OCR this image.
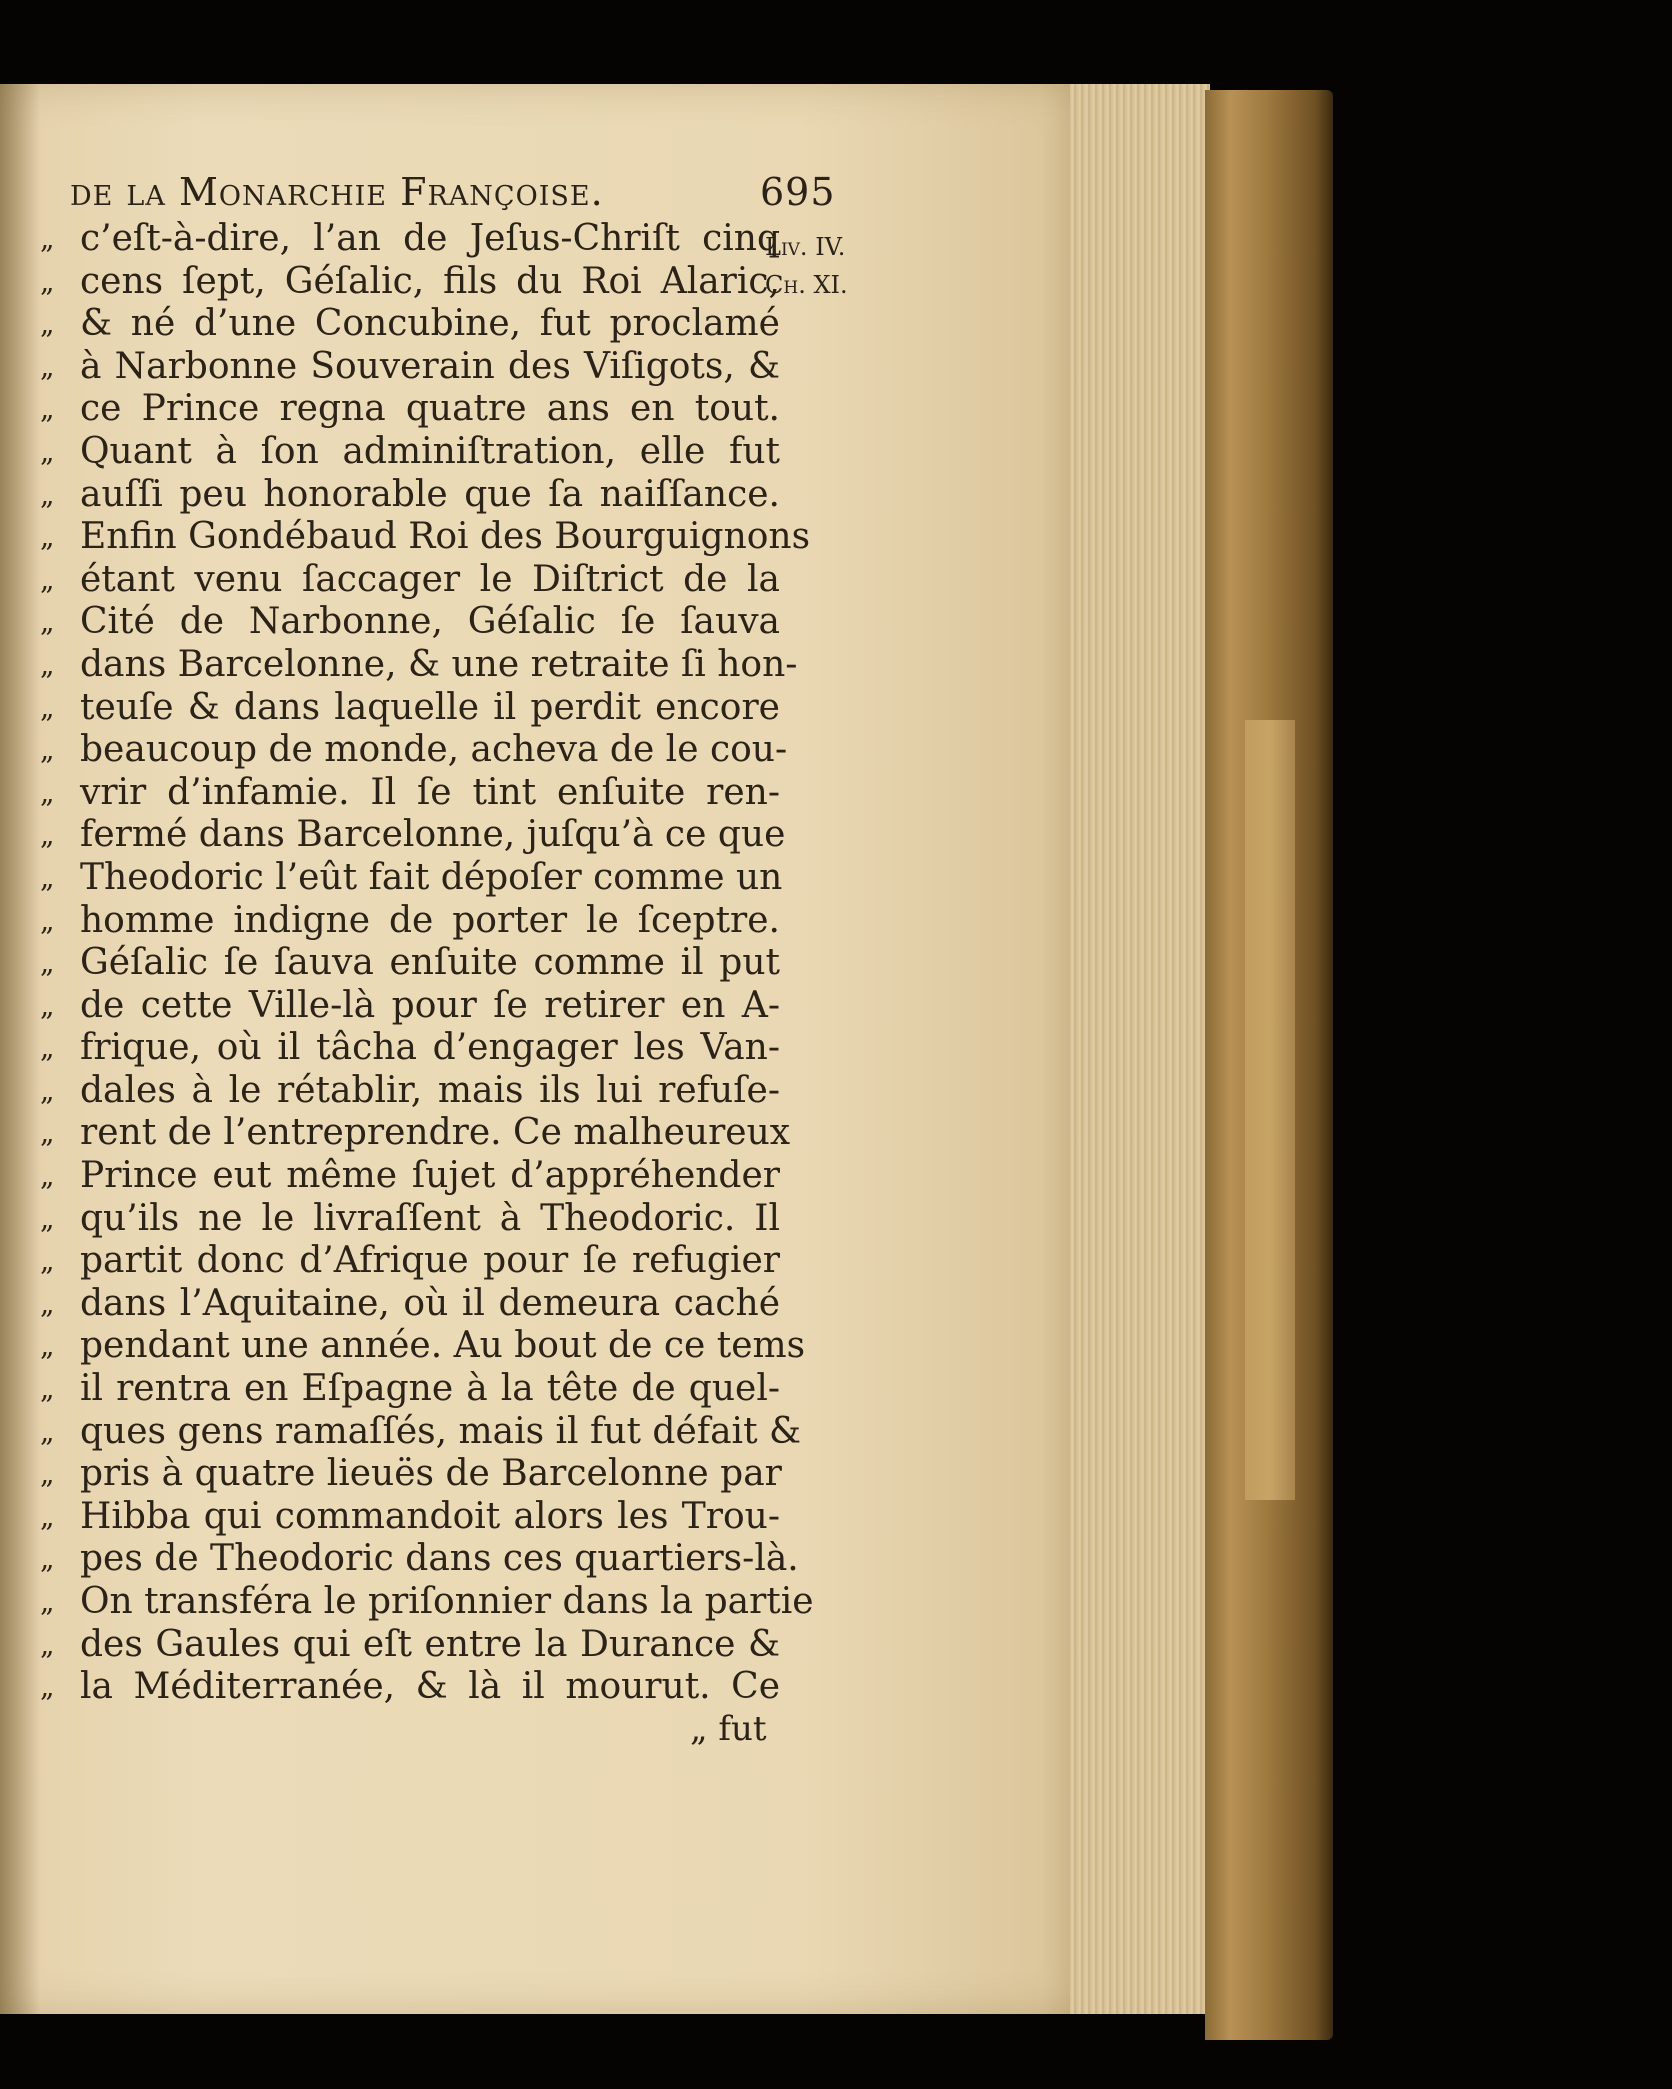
de la Monarchie Françoise.	695
Liv. IV.
Ch. XI.
„ c’eſt-à-dire, l’an de Jeſus-Chriſt cinq
„ cens ſept, Géſalic, fils du Roi Alaric,
„ & né d’une Concubine, fut proclamé
„ à Narbonne Souverain des Viſigots, &
„ ce Prince regna quatre ans en tout.
„ Quant à ſon adminiſtration, elle fut
„ auſſi peu honorable que ſa naiſſance.
„ Enfin Gondébaud Roi des Bourguignons
„ étant venu ſaccager le Diſtrict de la
„ Cité de Narbonne, Géſalic ſe ſauva
„ dans Barcelonne, & une retraite ſi hon-
„ teuſe & dans laquelle il perdit encore
„ beaucoup de monde, acheva de le cou-
„ vrir d’infamie. Il ſe tint enſuite ren-
„ fermé dans Barcelonne, juſqu’à ce que
„ Theodoric l’eût fait dépoſer comme un
„ homme indigne de porter le ſceptre.
„ Géſalic ſe ſauva enſuite comme il put
„ de cette Ville-là pour ſe retirer en A-
„ frique, où il tâcha d’engager les Van-
„ dales à le rétablir, mais ils lui refuſe-
„ rent de l’entreprendre. Ce malheureux
„ Prince eut même ſujet d’appréhender
„ qu’ils ne le livraſſent à Theodoric. Il
„ partit donc d’Afrique pour ſe refugier
„ dans l’Aquitaine, où il demeura caché
„ pendant une année. Au bout de ce tems
„ il rentra en Eſpagne à la tête de quel-
„ ques gens ramaſſés, mais il fut défait &
„ pris à quatre lieuës de Barcelonne par
„ Hibba qui commandoit alors les Trou-
„ pes de Theodoric dans ces quartiers-là.
„ On transféra le priſonnier dans la partie
„ des Gaules qui eſt entre la Durance &
„ la Méditerranée, & là il mourut. Ce
„ fut
